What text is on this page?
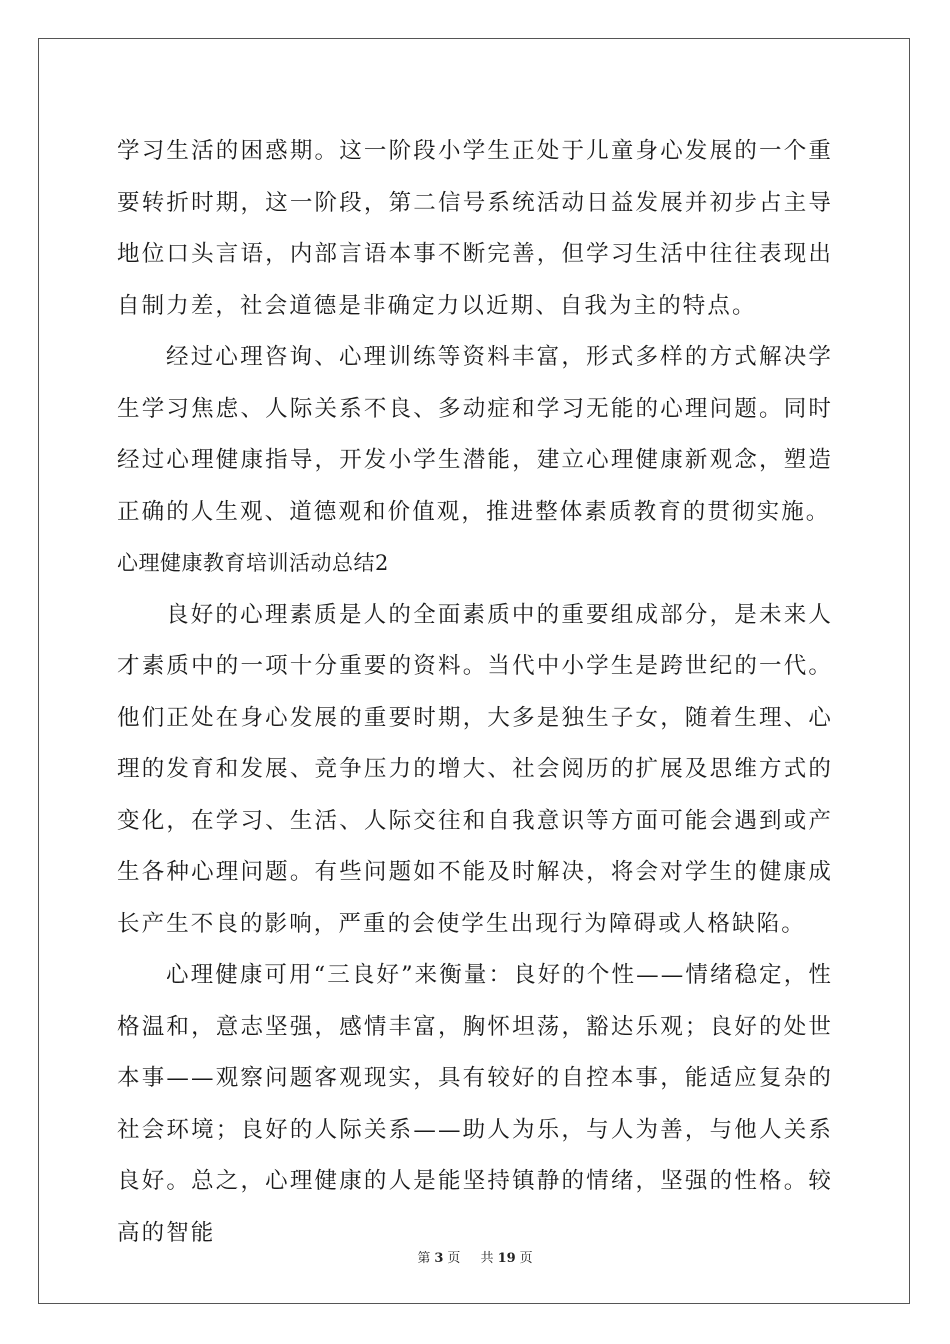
学习生活的困惑期。这一阶段小学生正处于儿童身心发展的一个重要转折时期，这一阶段，第二信号系统活动日益发展并初步占主导地位口头言语，内部言语本事不断完善，但学习生活中往往表现出自制力差，社会道德是非确定力以近期、自我为主的特点。

经过心理咨询、心理训练等资料丰富，形式多样的方式解决学生学习焦虑、人际关系不良、多动症和学习无能的心理问题。同时经过心理健康指导，开发小学生潜能，建立心理健康新观念，塑造正确的人生观、道德观和价值观，推进整体素质教育的贯彻实施。

心理健康教育培训活动总结2

良好的心理素质是人的全面素质中的重要组成部分，是未来人才素质中的一项十分重要的资料。当代中小学生是跨世纪的一代。他们正处在身心发展的重要时期，大多是独生子女，随着生理、心理的发育和发展、竞争压力的增大、社会阅历的扩展及思维方式的变化，在学习、生活、人际交往和自我意识等方面可能会遇到或产生各种心理问题。有些问题如不能及时解决，将会对学生的健康成长产生不良的影响，严重的会使学生出现行为障碍或人格缺陷。

心理健康可用“三良好”来衡量：良好的个性——情绪稳定，性格温和，意志坚强，感情丰富，胸怀坦荡，豁达乐观；良好的处世本事——观察问题客观现实，具有较好的自控本事，能适应复杂的社会环境；良好的人际关系——助人为乐，与人为善，与他人关系良好。总之，心理健康的人是能坚持镇静的情绪，坚强的性格。较高的智能

第 3 页 共 19 页
